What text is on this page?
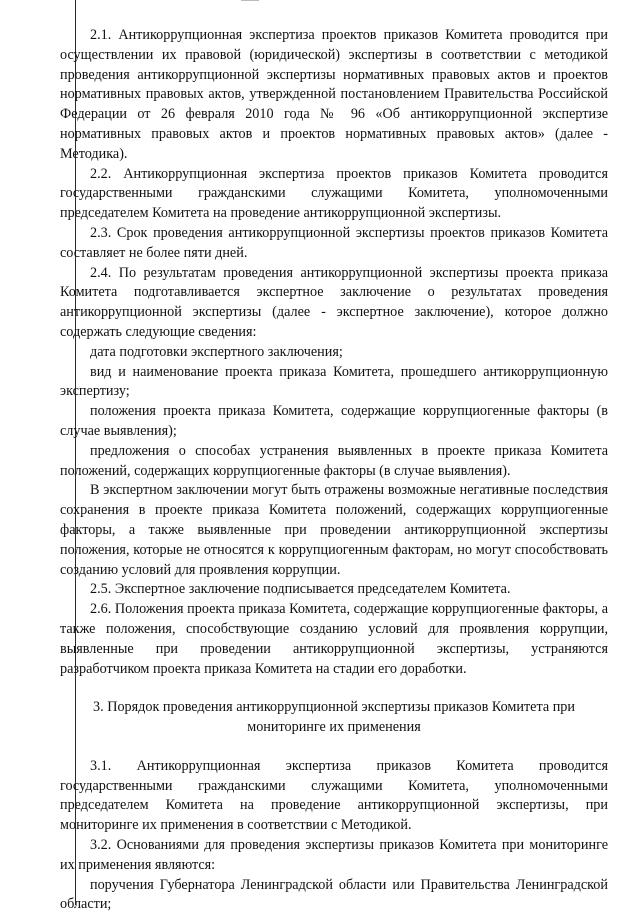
2.1. Антикоррупционная экспертиза проектов приказов Комитета проводится при осуществлении их правовой (юридической) экспертизы в соответствии с методикой проведения антикоррупционной экспертизы нормативных правовых актов и проектов нормативных правовых актов, утвержденной постановлением Правительства Российской Федерации от 26 февраля 2010 года № 96 «Об антикоррупционной экспертизе нормативных правовых актов и проектов нормативных правовых актов» (далее - Методика).

2.2. Антикоррупционная экспертиза проектов приказов Комитета проводится государственными гражданскими служащими Комитета, уполномоченными председателем Комитета на проведение антикоррупционной экспертизы.

2.3. Срок проведения антикоррупционной экспертизы проектов приказов Комитета составляет не более пяти дней.

2.4. По результатам проведения антикоррупционной экспертизы проекта приказа Комитета подготавливается экспертное заключение о результатах проведения антикоррупционной экспертизы (далее - экспертное заключение), которое должно содержать следующие сведения:

дата подготовки экспертного заключения;

вид и наименование проекта приказа Комитета, прошедшего антикоррупционную экспертизу;

положения проекта приказа Комитета, содержащие коррупциогенные факторы (в случае выявления);

предложения о способах устранения выявленных в проекте приказа Комитета положений, содержащих коррупциогенные факторы (в случае выявления).

В экспертном заключении могут быть отражены возможные негативные последствия сохранения в проекте приказа Комитета положений, содержащих коррупциогенные факторы, а также выявленные при проведении антикоррупционной экспертизы положения, которые не относятся к коррупциогенным факторам, но могут способствовать созданию условий для проявления коррупции.

2.5. Экспертное заключение подписывается председателем Комитета.

2.6. Положения проекта приказа Комитета, содержащие коррупциогенные факторы, а также положения, способствующие созданию условий для проявления коррупции, выявленные при проведении антикоррупционной экспертизы, устраняются разработчиком проекта приказа Комитета на стадии его доработки.

3. Порядок проведения антикоррупционной экспертизы приказов Комитета при
мониторинге их применения

3.1. Антикоррупционная экспертиза приказов Комитета проводится государственными гражданскими служащими Комитета, уполномоченными председателем Комитета на проведение антикоррупционной экспертизы, при мониторинге их применения в соответствии с Методикой.

3.2. Основаниями для проведения экспертизы приказов Комитета при мониторинге их применения являются:

поручения Губернатора Ленинградской области или Правительства Ленинградской области;
